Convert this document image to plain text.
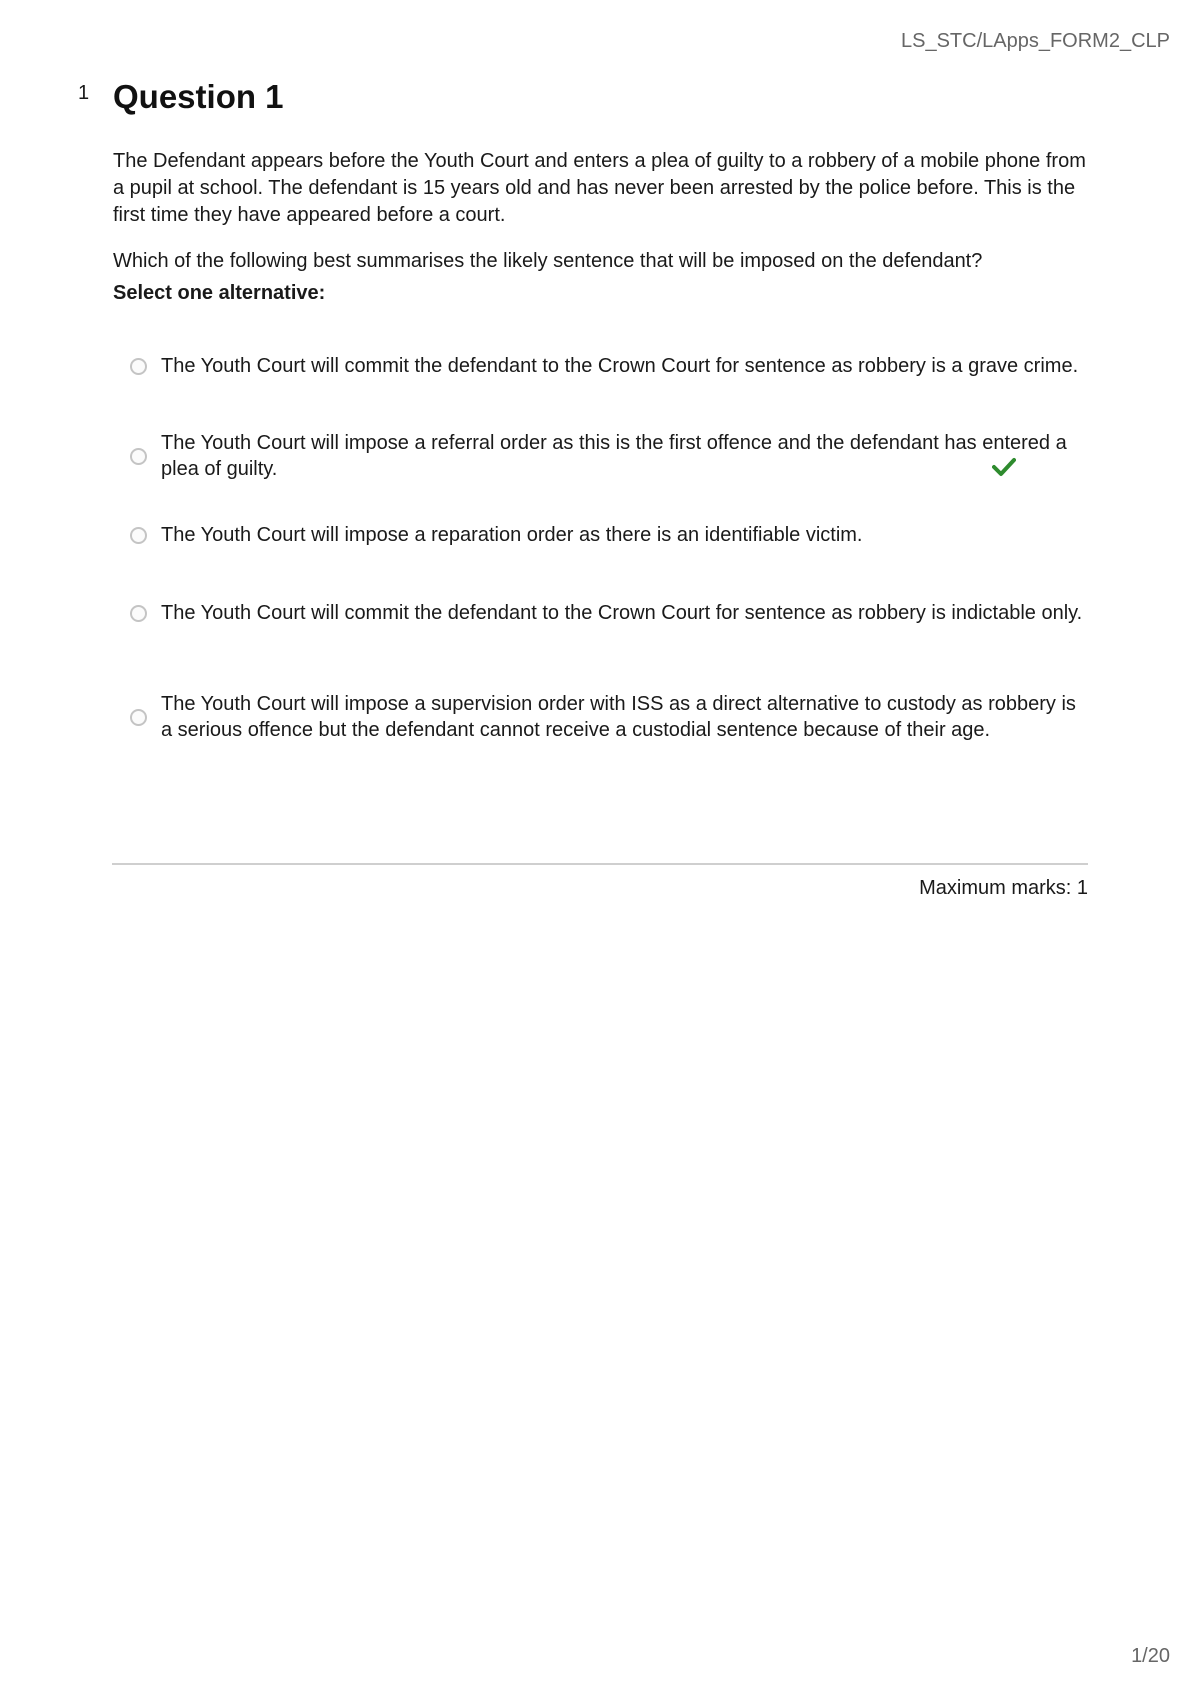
LS_STC/LApps_FORM2_CLP
1 Question 1

The Defendant appears before the Youth Court and enters a plea of guilty to a robbery of a mobile phone from a pupil at school. The defendant is 15 years old and has never been arrested by the police before. This is the first time they have appeared before a court.

Which of the following best summarises the likely sentence that will be imposed on the defendant?

Select one alternative:

The Youth Court will commit the defendant to the Crown Court for sentence as robbery is a grave crime.
The Youth Court will impose a referral order as this is the first offence and the defendant has entered a plea of guilty.
The Youth Court will impose a reparation order as there is an identifiable victim.
The Youth Court will commit the defendant to the Crown Court for sentence as robbery is indictable only.
The Youth Court will impose a supervision order with ISS as a direct alternative to custody as robbery is a serious offence but the defendant cannot receive a custodial sentence because of their age.
Maximum marks: 1
1/20
